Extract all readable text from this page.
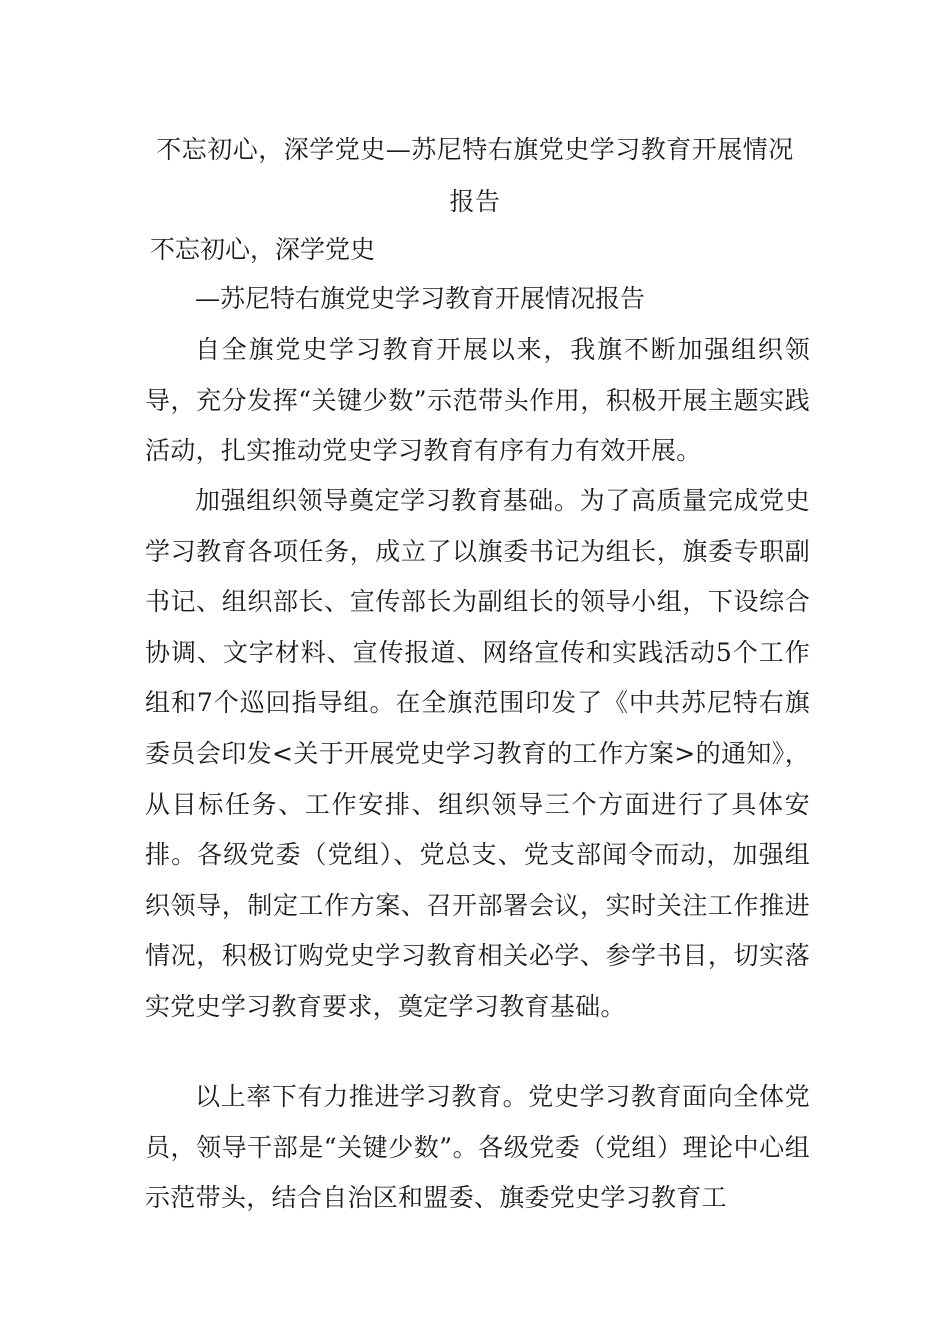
不忘初心，深学党史—苏尼特右旗党史学习教育开展情况报告
不忘初心，深学党史
—苏尼特右旗党史学习教育开展情况报告
自全旗党史学习教育开展以来，我旗不断加强组织领导，充分发挥“关键少数”示范带头作用，积极开展主题实践活动，扎实推动党史学习教育有序有力有效开展。
加强组织领导奠定学习教育基础。为了高质量完成党史学习教育各项任务，成立了以旗委书记为组长，旗委专职副书记、组织部长、宣传部长为副组长的领导小组，下设综合协调、文字材料、宣传报道、网络宣传和实践活动5个工作组和7个巡回指导组。在全旗范围印发了《中共苏尼特右旗委员会印发<关于开展党史学习教育的工作方案>的通知》，从目标任务、工作安排、组织领导三个方面进行了具体安排。各级党委（党组）、党总支、党支部闻令而动，加强组织领导，制定工作方案、召开部署会议，实时关注工作推进情况，积极订购党史学习教育相关必学、参学书目，切实落实党史学习教育要求，奠定学习教育基础。
以上率下有力推进学习教育。党史学习教育面向全体党员，领导干部是“关键少数”。各级党委（党组）理论中心组示范带头，结合自治区和盟委、旗委党史学习教育工
